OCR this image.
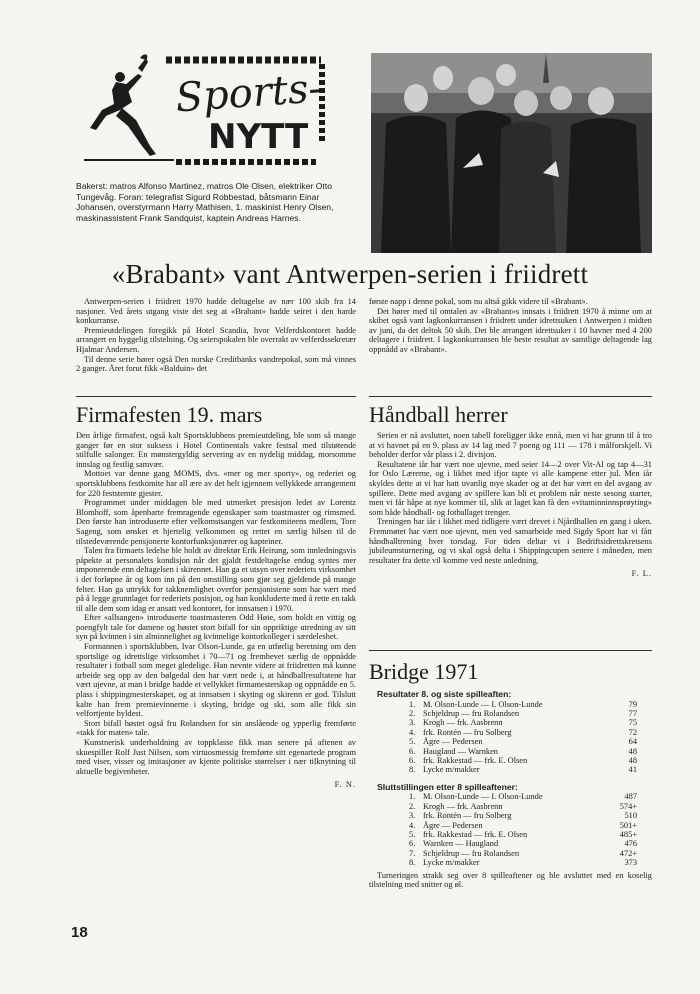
Sports-
NYTT
Bakerst: matros Alfonso Martinez, matros Ole Olsen, elektriker Otto Tungevåg. Foran: telegrafist Sigurd Robbestad, båtsmann Einar Johansen, overstyrmann Harry Mathisen, 1. maskinist Henry Olsen, maskinassistent Frank Sandquist, kaptein Andreas Harnes.
«Brabant» vant Antwerpen-serien i friidrett

Antwerpen-serien i friidrett 1970 hadde deltagelse av nær 100 skib fra 14 nasjoner. Ved årets utgang viste det seg at «Brabant» hadde seiret i den harde konkurranse.

Premieutdelingen foregikk på Hotel Scandia, hvor Velferdskontoret hadde arrangert en hyggelig tilstelning. Og seierspokalen ble overrakt av velferdssekretær Hjalmar Andersen.

Til denne serie hører også Den norske Creditbanks vandrepokal, som må vinnes 2 ganger. Året forut fikk «Balduin» det

første napp i denne pokal, som nu altså gikk videre til «Brabant».

Det hører med til omtalen av «Brabant»s innsats i friidrett 1970 å minne om at skibet også vant lagkonkurransen i friidrett under idrettsuken i Antwerpen i midten av juni, da det deltok 50 skib. Det ble arrangert idrettsuker i 10 havner med 4 200 deltagere i friidrett. I lagkonkurransen ble beste resultat av samtlige deltagende lag oppnådd av «Brabant».

Firmafesten 19. mars

Den årlige firmafest, også kalt Sportsklubbens premieutdeling, ble som så mange ganger før en stor suksess i Hotel Continentals vakre festsal med tilstøtende stilfulle salonger. En mønstergyldig servering av en nydelig middag, morsomme innslag og festlig samvær.

Mottoet var denne gang MOMS, dvs. «mer og mer sporty», og rederiet og sportsklubbens festkomite har all ære av det helt igjennem vellykkede arrangement for 220 feststemte gjester.

Programmet under middagen ble med utmerket presisjon ledet av Lorentz Blomhoff, som åpenbarte fremragende egenskaper som toastmaster og rimsmed. Den første han introduserte efter velkomstsangen var festkomiteens medlem, Tore Sageng, som ønsket et hjertelig velkommen og rettet en særlig hilsen til de tilstedeværende pensjonerte kontorfunksjonærer og kapteiner.

Talen fra firmaets ledelse ble holdt av direktør Erik Heirung, som innledningsvis påpekte at personalets kondisjon når det gjaldt festdeltagelse endog syntes mer imponerende enn deltagelsen i skirennet. Han ga et utsyn over rederiets virksomhet i det forløpne år og kom inn på den omstilling som gjør seg gjeldende på mange felter. Han ga uttrykk for takknemlighet overfor pensjonistene som har vært med på å legge grunnlaget for rederiets posisjon, og han konkluderte med å rette en takk til alle dem som idag er ansatt ved kontoret, for innsatsen i 1970.

Efter «allsangen» introduserte toastmasteren Odd Høie, som holdt en vittig og poengfylt tale for damene og høstet stort bifall for sin oppriktige utredning av sitt syn på kvinnen i sin alminnelighet og kvinnelige kontorkolleger i særdeleshet.

Formannen i sportsklubben, Ivar Olson-Lunde, ga en utførlig beretning om den sportslige og idrettslige virksomhet i 70—71 og fremhevet særlig de oppnådde resultater i fotball som meget gledelige. Han nevnte videre at friidretten må kunne arbeide seg opp av den bølgedal den har vært nede i, at håndballresultatene har vært ujevne, at man i bridge hadde et vellykket firmamesterskap og oppnådde en 5. plass i shippingmesterskapet, og at innsatsen i skyting og skirenn er god. Tilslutt kalte han frem premievinnerne i skyting, bridge og ski, som alle fikk sin velfortjente hyldest.

Stort bifall høstet også fru Rolandsen for sin anslående og ypperlig fremførte «takk for maten» tale.

Kunstnerisk underholdning av toppklasse fikk man senere på aftenen av skuespiller Rolf Just Nilsen, som virtuosmessig fremførte sitt egenartede program med viser, visser og imitasjoner av kjente politiske størrelser i nær tilknytning til aktuelle begivenheter.

F. N.

Håndball herrer

Serien er nå avsluttet, noen tabell foreligger ikke ennå, men vi har grunn til å tro at vi havnet på en 9. plass av 14 lag med 7 poeng og 111 — 178 i målforskjell. Vi beholder derfor vår plass i 2. divisjon.

Resultatene iår har vært noe ujevne, med seier 14—2 over Vit-Al og tap 4—31 for Oslo Lærerne, og i likhet med ifjor tapte vi alle kampene etter jul. Men iår skyldes dette at vi har hatt uvanlig mye skader og at det har vært en del avgang av spillere. Dette med avgang av spillere kan bli et problem når neste sesong starter, men vi får håpe at nye kommer til, slik at laget kan få den «vitaminninnsprøyting» som både håndball- og fotballaget trenger.

Treningen har iår i likhet med tidligere vært drevet i Njårdhallen en gang i uken. Fremmøtet har vært noe ujevnt, men ved samarbeide med Sigdy Sport har vi fått håndballtrening hver torsdag. For tiden deltar vi i Bedriftsidrettskretsens jubileumsturnering, og vi skal også delta i Shippingcupen senere i måneden, men resultater fra dette vil komme ved neste anledning.

F. L.

Bridge 1971

Resultater 8. og siste spilleaften:

1.	M. Olson-Lunde — I. Olson-Lunde	79
2.	Schjeldrup — fru Rolandsen	77
3.	Krogh — frk. Aasbrenn	75
4.	frk. Rontén — fru Solberg	72
5.	Ågre — Pedersen	64
6.	Haugland — Warnken	48
6.	frk. Rakkestad — frk. E. Olsen	48
8.	Lycke m/makker	41

Sluttstillingen etter 8 spilleaftener:

1.	M. Olson-Lunde — I. Olson-Lunde	487
2.	Krogh — frk. Aasbrenn	574+
3.	frk. Rontén — fru Solberg	510
4.	Ågre — Pedersen	501+
5.	frk. Rakkestad — frk. E. Olsen	485+
6.	Warnken — Haugland	476
7.	Schjeldrup — fru Rolandsen	472+
8.	Lycke m/makker	373

Turneringen strakk seg over 8 spilleaftener og ble avsluttet med en koselig tilstelning med snitter og øl.

18
